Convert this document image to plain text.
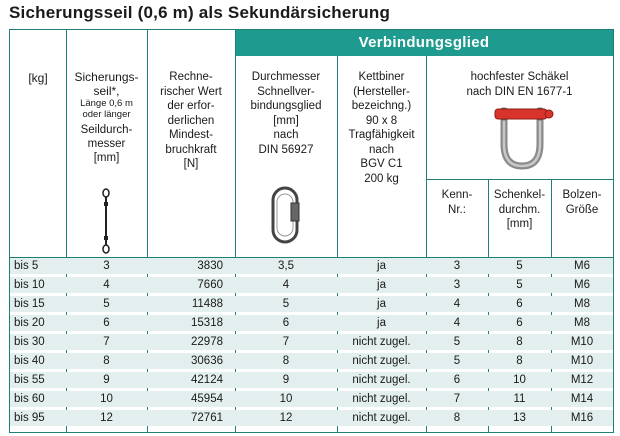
Sicherungsseil (0,6 m) als Sekundärsicherung
Verbindungsglied
[kg]	Sicherungs-
seil*,
Länge 0,6 m
oder länger
Seildurch-
messer
[mm]
Rechne-
rischer Wert
der erfor-
derlichen
Mindest-
bruchkraft
[N]
Durchmesser
Schnellver-
bindungsglied
[mm]
nach
DIN 56927
Kettbiner
(Hersteller-
bezeichng.)
90 x 8
Tragfähigkeit
nach
BGV C1
200 kg
hochfester Schäkel
nach DIN EN 1677-1
Kenn-
Nr.:
Schenkel-
durchm.
[mm]
Bolzen-
Größe
bis 5	3	3830	3,5	ja	3	5	M6
bis 10	4	7660	4	ja	3	5	M6
bis 15	5	11488	5	ja	4	6	M8
bis 20	6	15318	6	ja	4	6	M8
bis 30	7	22978	7	nicht zugel.	5	8	M10
bis 40	8	30636	8	nicht zugel.	5	8	M10
bis 55	9	42124	9	nicht zugel.	6	10	M12
bis 60	10	45954	10	nicht zugel.	7	11	M14
bis 95	12	72761	12	nicht zugel.	8	13	M16
